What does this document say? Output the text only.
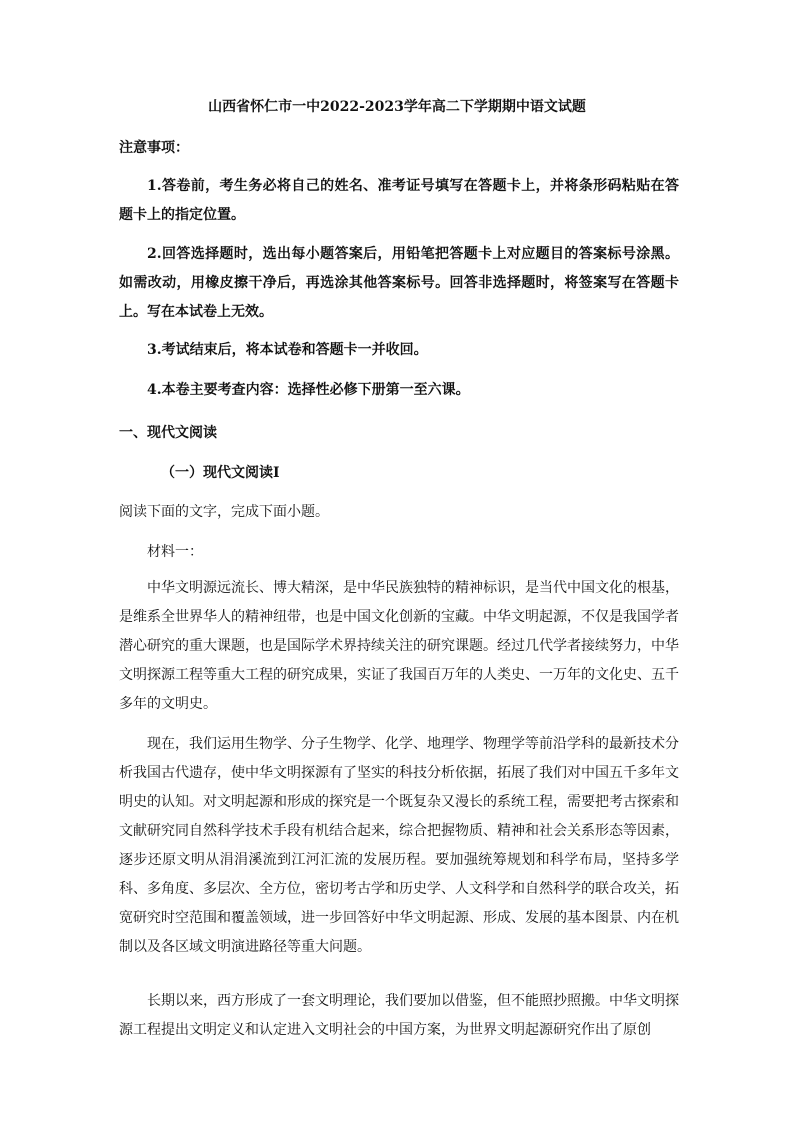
山西省怀仁市一中2022-2023学年高二下学期期中语文试题
注意事项：
1.答卷前，考生务必将自己的姓名、准考证号填写在答题卡上，并将条形码粘贴在答题卡上的指定位置。
2.回答选择题时，选出每小题答案后，用铅笔把答题卡上对应题目的答案标号涂黑。如需改动，用橡皮擦干净后，再选涂其他答案标号。回答非选择题时，将签案写在答题卡上。写在本试卷上无效。
3.考试结束后，将本试卷和答题卡一并收回。
4.本卷主要考查内容：选择性必修下册第一至六课。
一、现代文阅读
（一）现代文阅读Ⅰ
阅读下面的文字，完成下面小题。
材料一：
中华文明源远流长、博大精深，是中华民族独特的精神标识，是当代中国文化的根基，是维系全世界华人的精神纽带，也是中国文化创新的宝藏。中华文明起源，不仅是我国学者潜心研究的重大课题，也是国际学术界持续关注的研究课题。经过几代学者接续努力，中华文明探源工程等重大工程的研究成果，实证了我国百万年的人类史、一万年的文化史、五千多年的文明史。
现在，我们运用生物学、分子生物学、化学、地理学、物理学等前沿学科的最新技术分析我国古代遗存，使中华文明探源有了坚实的科技分析依据，拓展了我们对中国五千多年文明史的认知。对文明起源和形成的探究是一个既复杂又漫长的系统工程，需要把考古探索和文献研究同自然科学技术手段有机结合起来，综合把握物质、精神和社会关系形态等因素，逐步还原文明从涓涓溪流到江河汇流的发展历程。要加强统筹规划和科学布局，坚持多学科、多角度、多层次、全方位，密切考古学和历史学、人文科学和自然科学的联合攻关，拓宽研究时空范围和覆盖领域，进一步回答好中华文明起源、形成、发展的基本图景、内在机制以及各区域文明演进路径等重大问题。
长期以来，西方形成了一套文明理论，我们要加以借鉴，但不能照抄照搬。中华文明探源工程提出文明定义和认定进入文明社会的中国方案，为世界文明起源研究作出了原创
